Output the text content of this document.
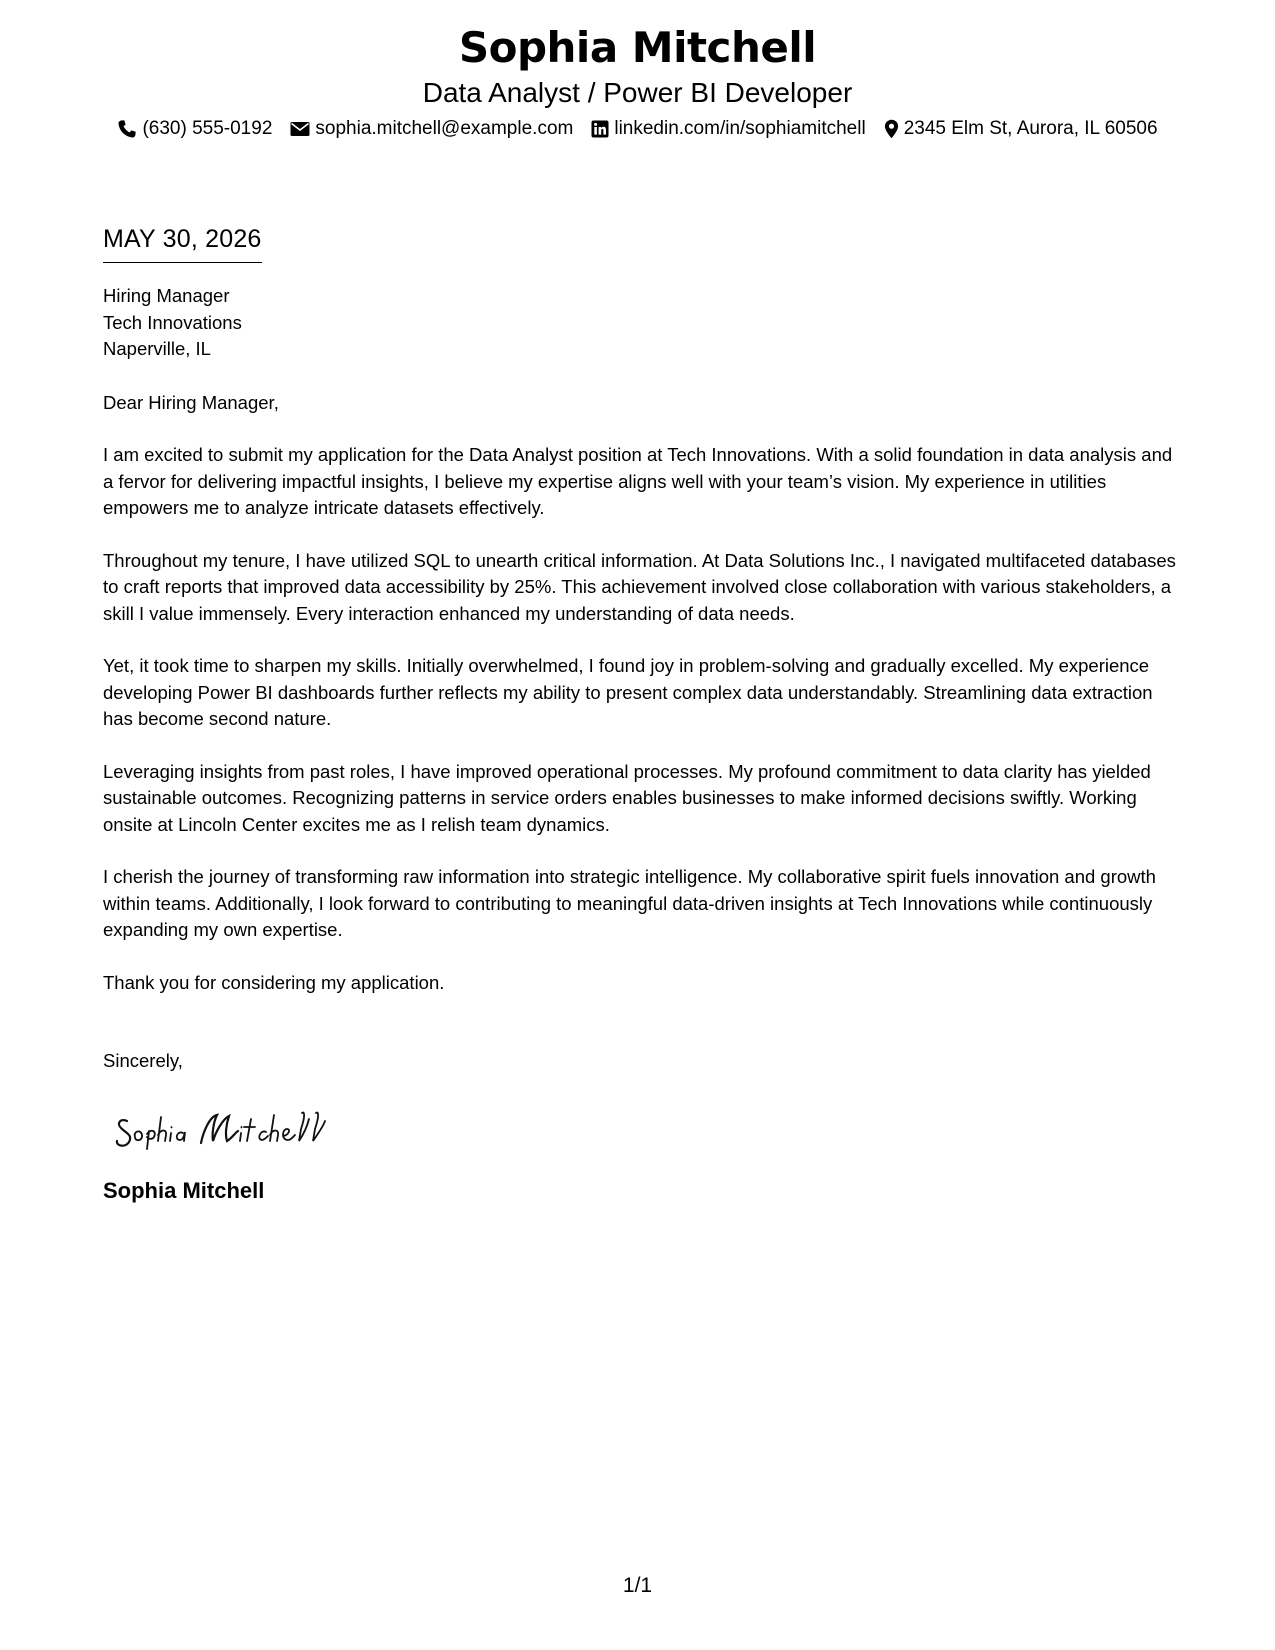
Sophia Mitchell
Data Analyst / Power BI Developer
(630) 555-0192 sophia.mitchell@example.com linkedin.com/in/sophiamitchell 2345 Elm St, Aurora, IL 60506
MAY 30, 2026
Hiring Manager
Tech Innovations
Naperville, IL
Dear Hiring Manager,
I am excited to submit my application for the Data Analyst position at Tech Innovations. With a solid foundation in data analysis and a fervor for delivering impactful insights, I believe my expertise aligns well with your team’s vision. My experience in utilities empowers me to analyze intricate datasets effectively.
Throughout my tenure, I have utilized SQL to unearth critical information. At Data Solutions Inc., I navigated multifaceted databases to craft reports that improved data accessibility by 25%. This achievement involved close collaboration with various stakeholders, a skill I value immensely. Every interaction enhanced my understanding of data needs.
Yet, it took time to sharpen my skills. Initially overwhelmed, I found joy in problem-solving and gradually excelled. My experience developing Power BI dashboards further reflects my ability to present complex data understandably. Streamlining data extraction has become second nature.
Leveraging insights from past roles, I have improved operational processes. My profound commitment to data clarity has yielded sustainable outcomes. Recognizing patterns in service orders enables businesses to make informed decisions swiftly. Working onsite at Lincoln Center excites me as I relish team dynamics.
I cherish the journey of transforming raw information into strategic intelligence. My collaborative spirit fuels innovation and growth within teams. Additionally, I look forward to contributing to meaningful data-driven insights at Tech Innovations while continuously expanding my own expertise.
Thank you for considering my application.
Sincerely,
Sophia Mitchell
1/1
